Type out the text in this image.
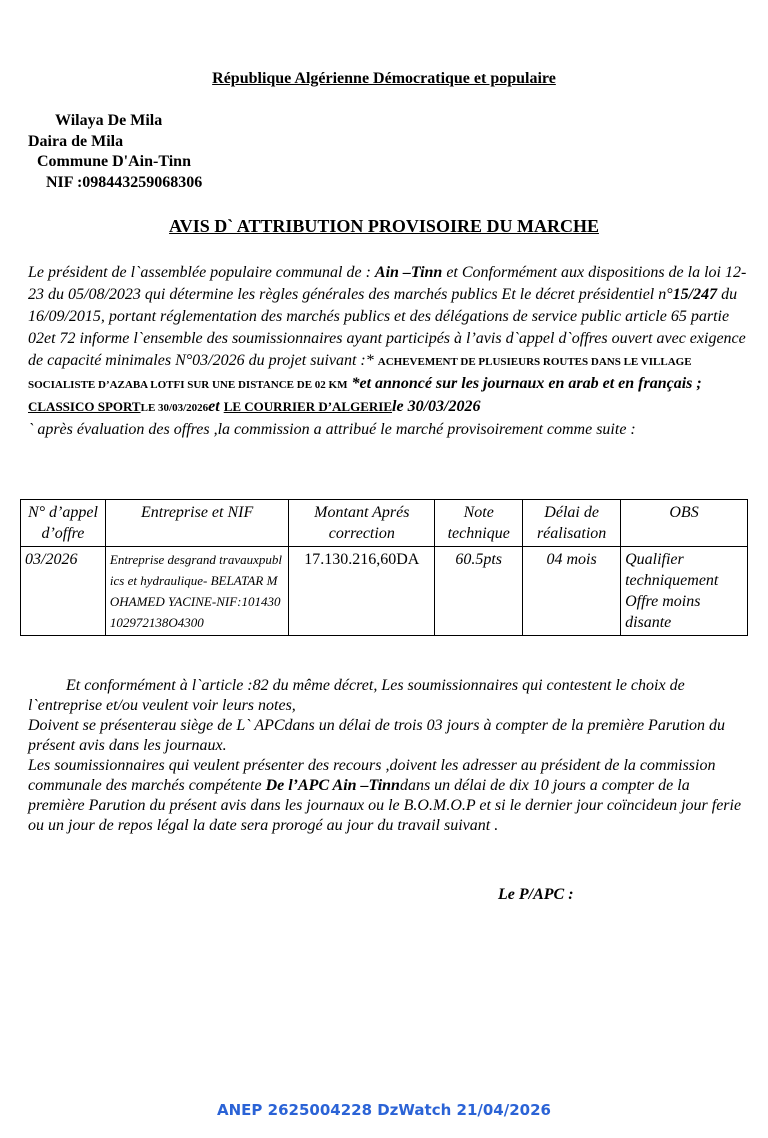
République Algérienne Démocratique et populaire
Wilaya De Mila
Daira de Mila
Commune D'Ain-Tinn
NIF :098443259068306
AVIS D` ATTRIBUTION PROVISOIRE DU MARCHE
Le président de l`assemblée populaire communal de : Ain –Tinn et Conformément aux dispositions de la loi 12-23 du 05/08/2023 qui détermine les règles générales des marchés publics Et le décret présidentiel n°15/247 du 16/09/2015, portant réglementation des marchés publics et des délégations de service public article 65 partie 02et 72 informe l`ensemble des soumissionnaires ayant participés à l’avis d`appel d`offres ouvert avec exigence de capacité minimales N°03/2026 du projet suivant :* ACHEVEMENT DE PLUSIEURS ROUTES DANS LE VILLAGE SOCIALISTE D’AZABA LOTFI SUR UNE DISTANCE DE 02 KM *et annoncé sur les journaux en arab et en français ; CLASSICO SPORTLE 30/03/2026et LE COURRIER D’ALGERIEle 30/03/2026
` après évaluation des offres ,la commission a attribué le marché provisoirement comme suite :
N° d’appel d’offre	Entreprise et NIF	Montant Aprés correction	Note technique	Délai de réalisation	OBS
03/2026	Entreprise desgrand travauxpublics et hydraulique- BELATAR MOHAMED YACINE-NIF:101430102972138O4300	17.130.216,60DA	60.5pts	04 mois	Qualifier techniquement Offre moins disante

Et conformément à l`article :82 du même décret, Les soumissionnaires qui contestent le choix de l`entreprise et/ou veulent voir leurs notes,

Doivent se présenterau siège de L` APCdans un délai de trois 03 jours à compter de la première Parution du présent avis dans les journaux.

Les soumissionnaires qui veulent présenter des recours ,doivent les adresser au président de la commission communale des marchés compétente De l’APC Ain –Tinndans un délai de dix 10 jours a compter de la première Parution du présent avis dans les journaux ou le B.O.M.O.P et si le dernier jour coïncideun jour ferie ou un jour de repos légal la date sera prorogé au jour du travail suivant .

Le P/APC :
ANEP 2625004228 DzWatch 21/04/2026
